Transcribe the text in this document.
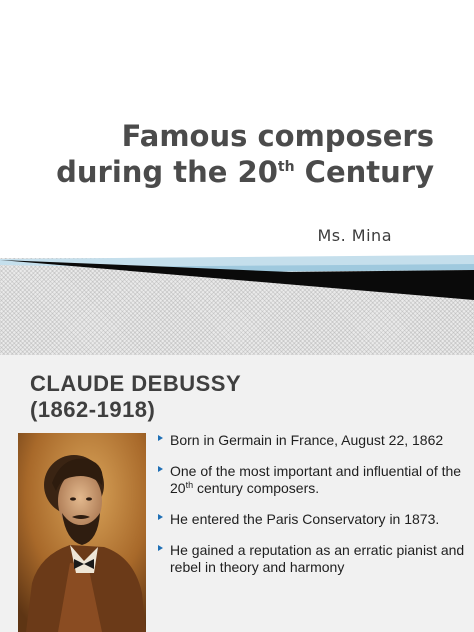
Famous composers
during the 20th Century
Ms. Mina
CLAUDE DEBUSSY
(1862-1918)
Born in Germain in France, August 22, 1862
One of the most important and influential of the 20th century composers.
He entered the Paris Conservatory in 1873.
He gained a reputation as an erratic pianist and rebel in theory and harmony
